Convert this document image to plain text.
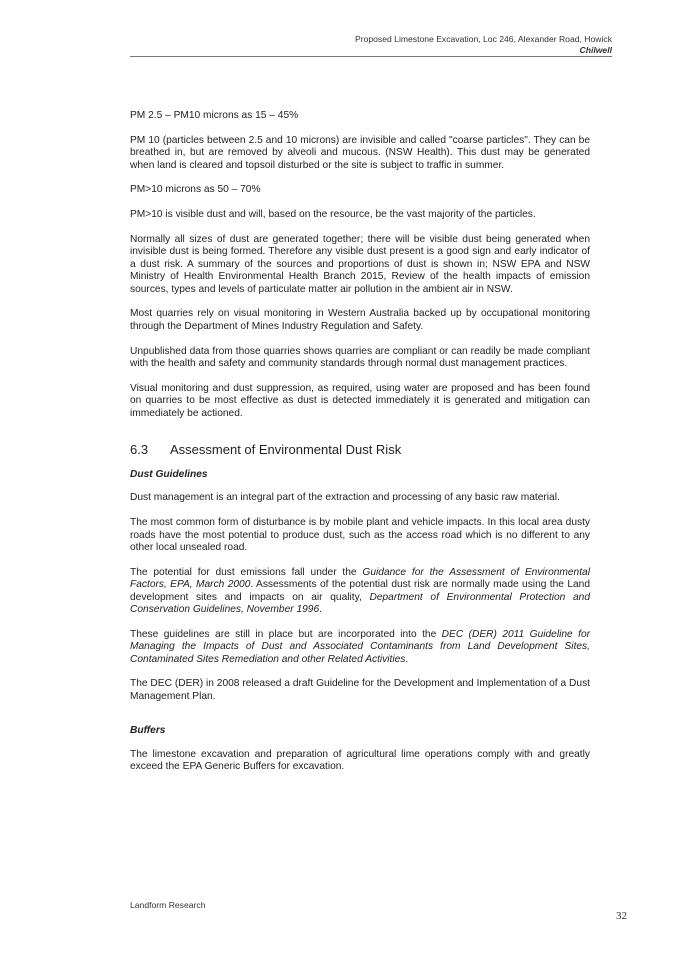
Proposed Limestone Excavation, Loc 246, Alexander Road, Howick
Chilwell

PM 2.5 – PM10 microns as 15 – 45%

PM 10 (particles between 2.5 and 10 microns) are invisible and called "coarse particles". They can be breathed in, but are removed by alveoli and mucous. (NSW Health). This dust may be generated when land is cleared and topsoil disturbed or the site is subject to traffic in summer.

PM>10 microns as 50 – 70%

PM>10 is visible dust and will, based on the resource, be the vast majority of the particles.

Normally all sizes of dust are generated together; there will be visible dust being generated when invisible dust is being formed. Therefore any visible dust present is a good sign and early indicator of a dust risk. A summary of the sources and proportions of dust is shown in; NSW EPA and NSW Ministry of Health Environmental Health Branch 2015, Review of the health impacts of emission sources, types and levels of particulate matter air pollution in the ambient air in NSW.

Most quarries rely on visual monitoring in Western Australia backed up by occupational monitoring through the Department of Mines Industry Regulation and Safety.

Unpublished data from those quarries shows quarries are compliant or can readily be made compliant with the health and safety and community standards through normal dust management practices.

Visual monitoring and dust suppression, as required, using water are proposed and has been found on quarries to be most effective as dust is detected immediately it is generated and mitigation can immediately be actioned.

6.3 Assessment of Environmental Dust Risk
Dust Guidelines

Dust management is an integral part of the extraction and processing of any basic raw material.

The most common form of disturbance is by mobile plant and vehicle impacts. In this local area dusty roads have the most potential to produce dust, such as the access road which is no different to any other local unsealed road.

The potential for dust emissions fall under the Guidance for the Assessment of Environmental Factors, EPA, March 2000. Assessments of the potential dust risk are normally made using the Land development sites and impacts on air quality, Department of Environmental Protection and Conservation Guidelines, November 1996.

These guidelines are still in place but are incorporated into the DEC (DER) 2011 Guideline for Managing the Impacts of Dust and Associated Contaminants from Land Development Sites, Contaminated Sites Remediation and other Related Activities.

The DEC (DER) in 2008 released a draft Guideline for the Development and Implementation of a Dust Management Plan.

Buffers

The limestone excavation and preparation of agricultural lime operations comply with and greatly exceed the EPA Generic Buffers for excavation.

Landform Research
32
